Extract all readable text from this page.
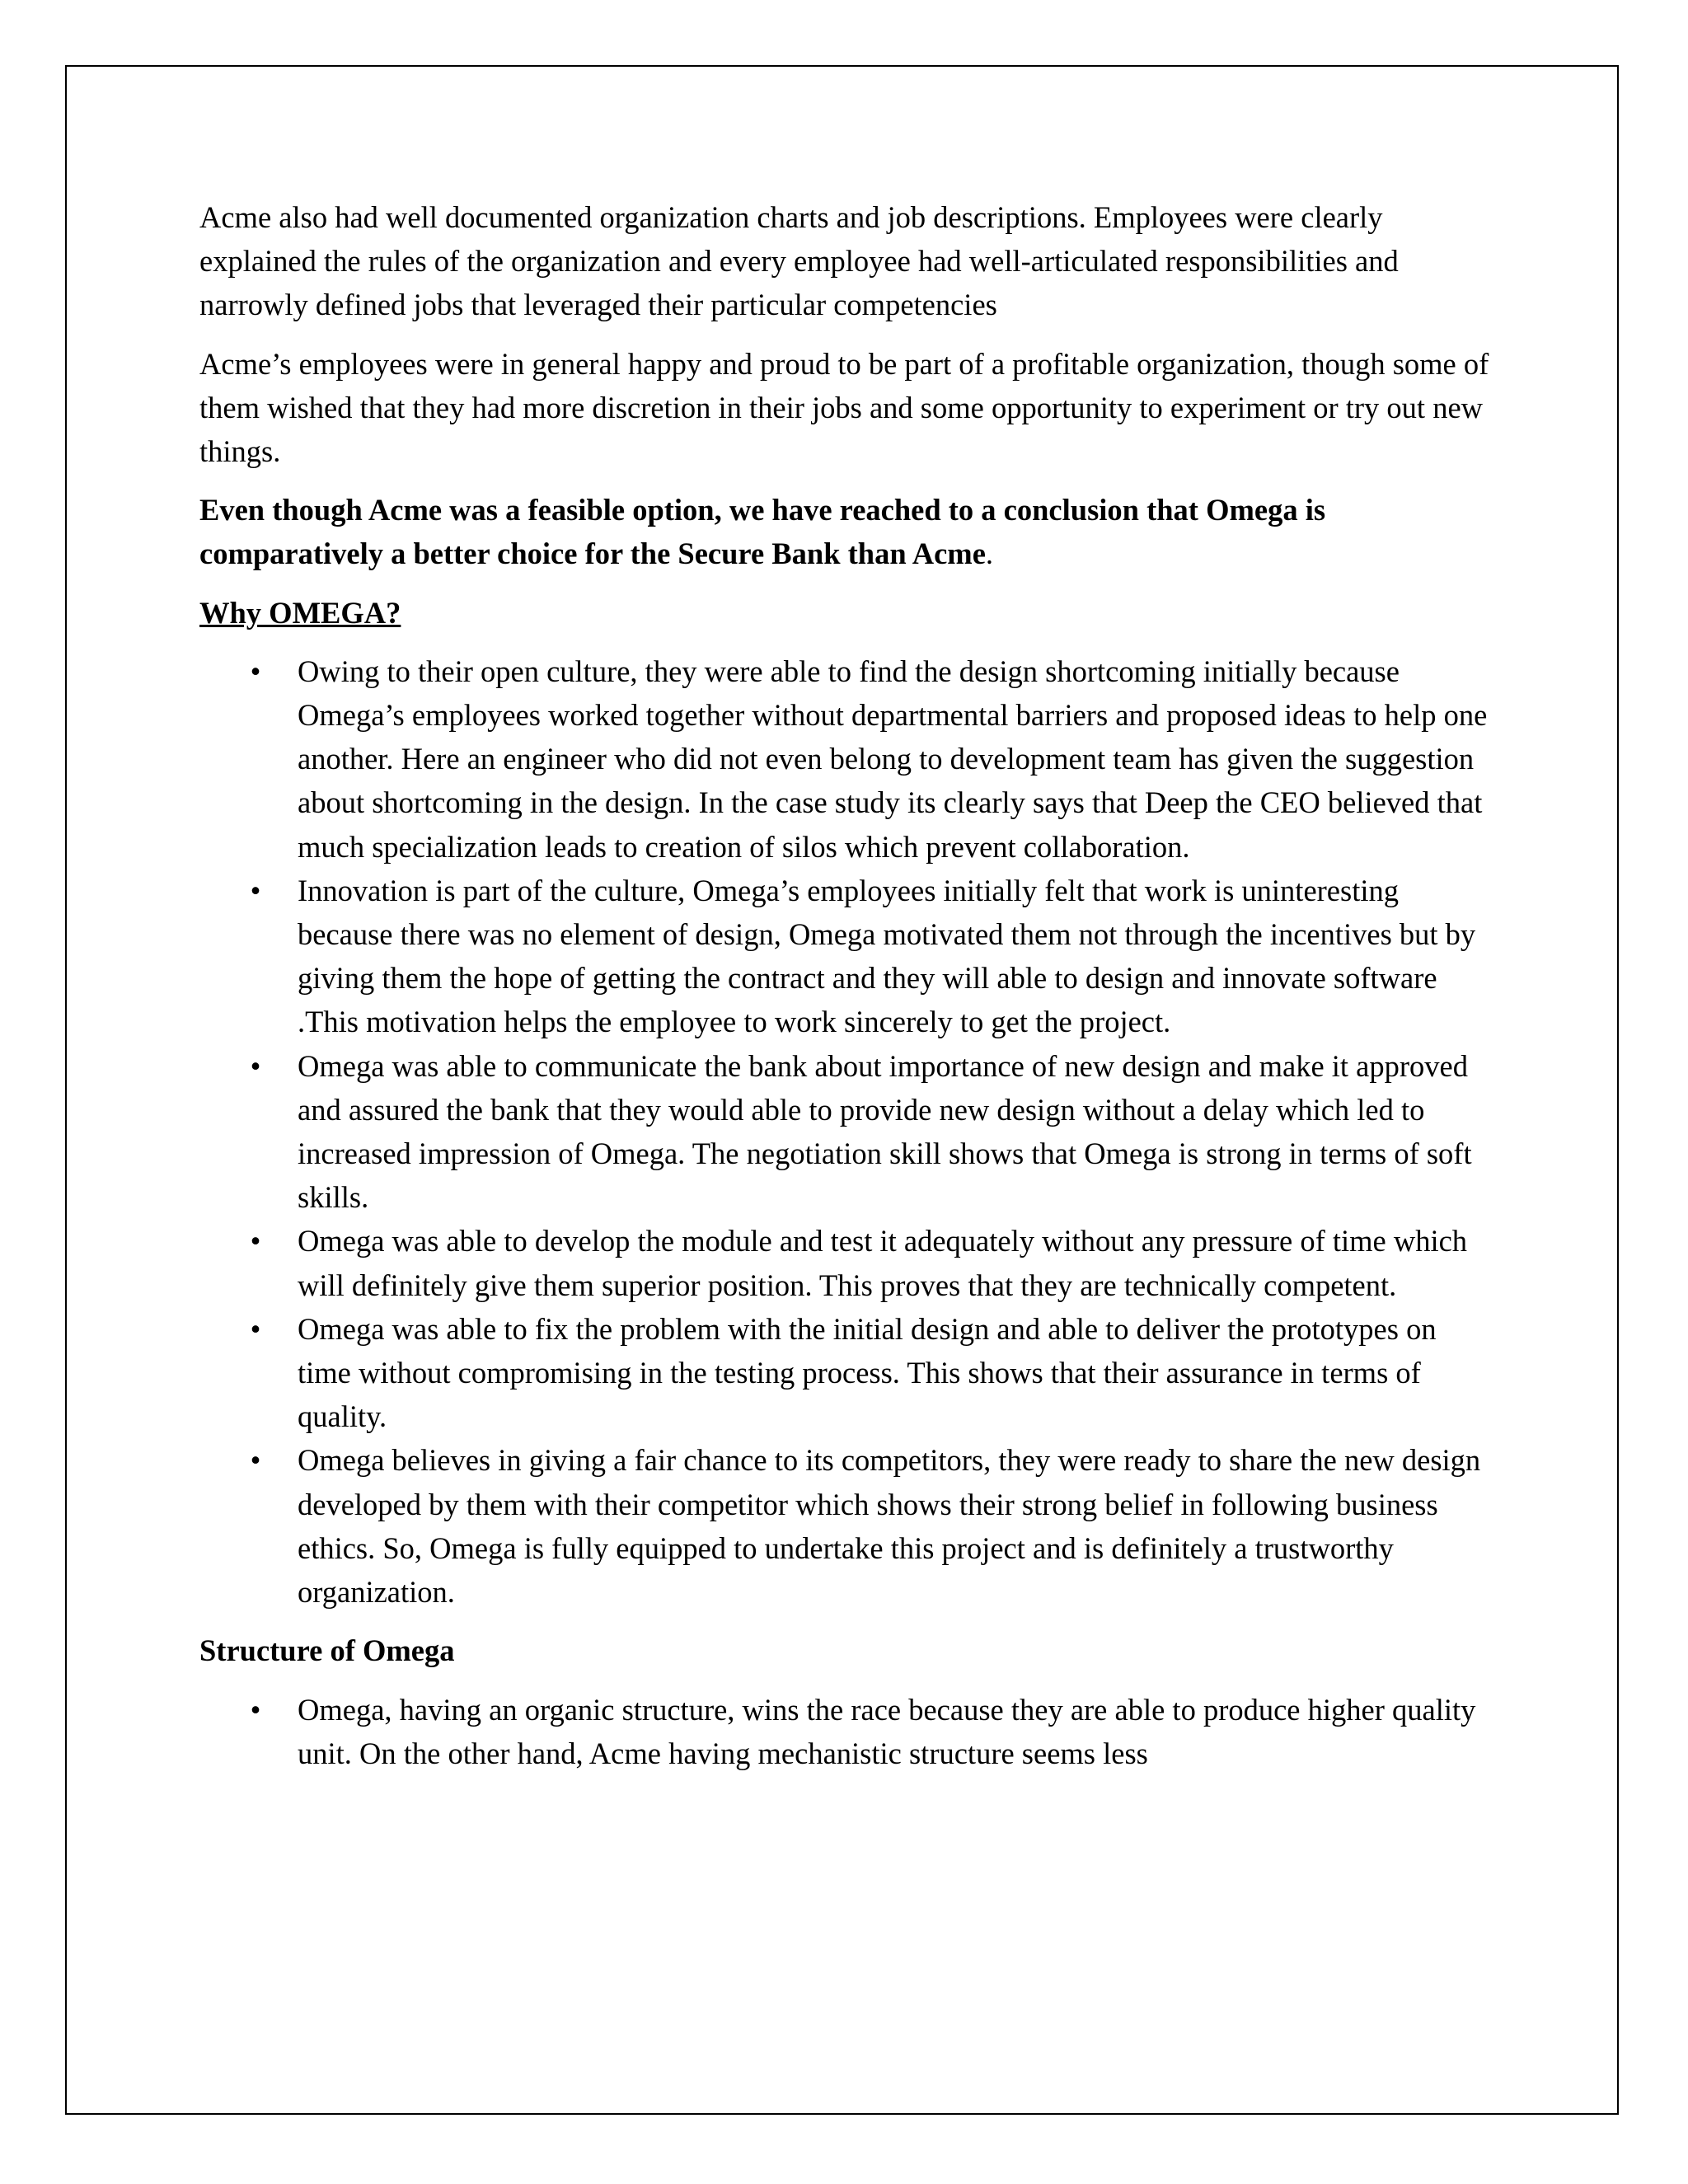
Acme also had well documented organization charts and job descriptions. Employees were clearly explained the rules of the organization and every employee had well-articulated responsibilities and narrowly defined jobs that leveraged their particular competencies

Acme’s employees were in general happy and proud to be part of a profitable organization, though some of them wished that they had more discretion in their jobs and some opportunity to experiment or try out new things.

Even though Acme was a feasible option, we have reached to a conclusion that Omega is comparatively a better choice for the Secure Bank than Acme.

Why OMEGA?
• Owing to their open culture, they were able to find the design shortcoming initially because Omega’s employees worked together without departmental barriers and proposed ideas to help one another. Here an engineer who did not even belong to development team has given the suggestion about shortcoming in the design. In the case study its clearly says that Deep the CEO believed that much specialization leads to creation of silos which prevent collaboration.
• Innovation is part of the culture, Omega’s employees initially felt that work is uninteresting because there was no element of design, Omega motivated them not through the incentives but by giving them the hope of getting the contract and they will able to design and innovate software .This motivation helps the employee to work sincerely to get the project.
• Omega was able to communicate the bank about importance of new design and make it approved and assured the bank that they would able to provide new design without a delay which led to increased impression of Omega. The negotiation skill shows that Omega is strong in terms of soft skills.
• Omega was able to develop the module and test it adequately without any pressure of time which will definitely give them superior position. This proves that they are technically competent.
• Omega was able to fix the problem with the initial design and able to deliver the prototypes on time without compromising in the testing process. This shows that their assurance in terms of quality.
• Omega believes in giving a fair chance to its competitors, they were ready to share the new design developed by them with their competitor which shows their strong belief in following business ethics. So, Omega is fully equipped to undertake this project and is definitely a trustworthy organization.
Structure of Omega
• Omega, having an organic structure, wins the race because they are able to produce higher quality unit. On the other hand, Acme having mechanistic structure seems less
